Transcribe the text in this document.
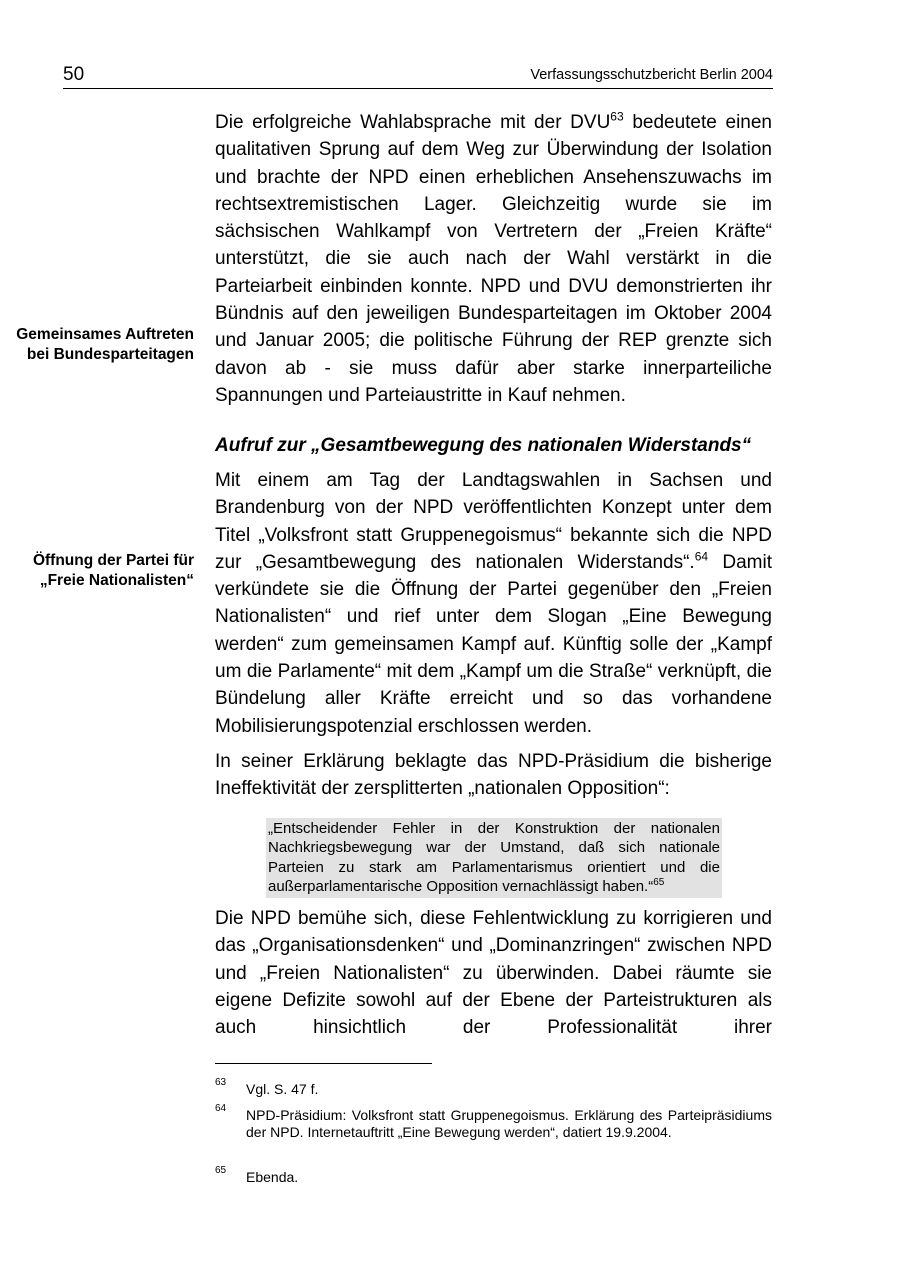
50	Verfassungsschutzbericht Berlin 2004
Gemeinsames Auftreten bei Bundesparteitagen
Öffnung der Partei für „Freie Nationalisten“

Die erfolgreiche Wahlabsprache mit der DVU$^{63}$ bedeutete einen qualitativen Sprung auf dem Weg zur Überwindung der Isolation und brachte der NPD einen erheblichen Ansehenszuwachs im rechtsextremistischen Lager. Gleichzeitig wurde sie im sächsischen Wahlkampf von Vertretern der „Freien Kräfte“ unterstützt, die sie auch nach der Wahl verstärkt in die Parteiarbeit einbinden konnte. NPD und DVU demonstrierten ihr Bündnis auf den jeweiligen Bundesparteitagen im Oktober 2004 und Januar 2005; die politische Führung der REP grenzte sich davon ab - sie muss dafür aber starke innerparteiliche Spannungen und Parteiaustritte in Kauf nehmen.

Aufruf zur „Gesamtbewegung des nationalen Widerstands“

Mit einem am Tag der Landtagswahlen in Sachsen und Brandenburg von der NPD veröffentlichten Konzept unter dem Titel „Volksfront statt Gruppenegoismus“ bekannte sich die NPD zur „Gesamtbewegung des nationalen Widerstands“.$^{64}$ Damit verkündete sie die Öffnung der Partei gegenüber den „Freien Nationalisten“ und rief unter dem Slogan „Eine Bewegung werden“ zum gemeinsamen Kampf auf. Künftig solle der „Kampf um die Parlamente“ mit dem „Kampf um die Straße“ verknüpft, die Bündelung aller Kräfte erreicht und so das vorhandene Mobilisierungspotenzial erschlossen werden.

In seiner Erklärung beklagte das NPD-Präsidium die bisherige Ineffektivität der zersplitterten „nationalen Opposition“:

„Entscheidender Fehler in der Konstruktion der nationalen Nachkriegsbewegung war der Umstand, daß sich nationale Parteien zu stark am Parlamentarismus orientiert und die außerparlamentarische Opposition vernachlässigt haben.“$^{65}$

Die NPD bemühe sich, diese Fehlentwicklung zu korrigieren und das „Organisationsdenken“ und „Dominanzringen“ zwischen NPD und „Freien Nationalisten“ zu überwinden. Dabei räumte sie eigene Defizite sowohl auf der Ebene der Parteistrukturen als auch hinsichtlich der Professionalität ihrer

63 Vgl. S. 47 f.

64 NPD-Präsidium: Volksfront statt Gruppenegoismus. Erklärung des Parteipräsidiums der NPD. Internetauftritt „Eine Bewegung werden“, datiert 19.9.2004.

65 Ebenda.
